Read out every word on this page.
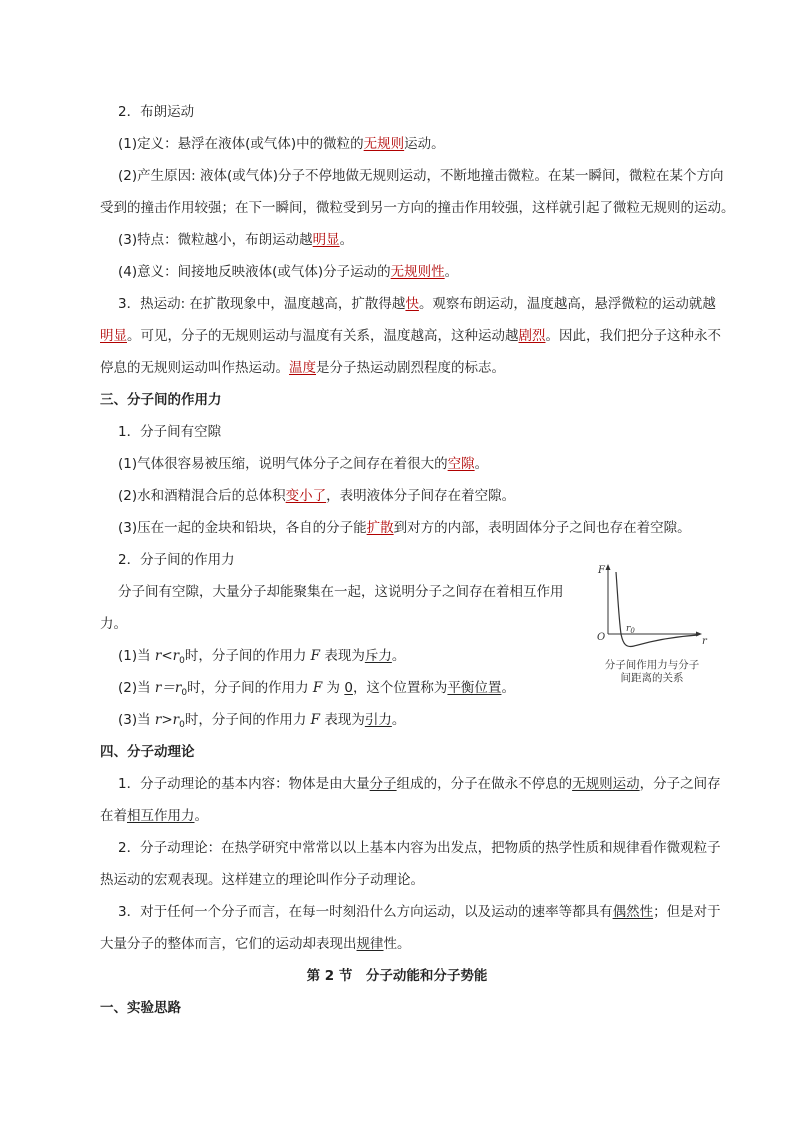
2．布朗运动
(1)定义：悬浮在液体(或气体)中的微粒的无规则运动。
(2)产生原因: 液体(或气体)分子不停地做无规则运动，不断地撞击微粒。在某一瞬间，微粒在某个方向
受到的撞击作用较强；在下一瞬间，微粒受到另一方向的撞击作用较强，这样就引起了微粒无规则的运动。
(3)特点：微粒越小，布朗运动越明显。
(4)意义：间接地反映液体(或气体)分子运动的无规则性。
3．热运动: 在扩散现象中，温度越高，扩散得越快。观察布朗运动，温度越高，悬浮微粒的运动就越
明显。可见，分子的无规则运动与温度有关系，温度越高，这种运动越剧烈。因此，我们把分子这种永不
停息的无规则运动叫作热运动。温度是分子热运动剧烈程度的标志。
三、分子间的作用力
1．分子间有空隙
(1)气体很容易被压缩，说明气体分子之间存在着很大的空隙。
(2)水和酒精混合后的总体积变小了，表明液体分子间存在着空隙。
(3)压在一起的金块和铅块，各自的分子能扩散到对方的内部，表明固体分子之间也存在着空隙。
2．分子间的作用力
分子间有空隙，大量分子却能聚集在一起，这说明分子之间存在着相互作用
力。
(1)当 $r<r_0$时，分子间的作用力 F 表现为斥力。
(2)当 $r=r_0$时，分子间的作用力 F 为 0，这个位置称为平衡位置。
(3)当 $r>r_0$时，分子间的作用力 F 表现为引力。
F
r
O
$r_0$
分子间作用力与分子
间距离的关系
四、分子动理论
1．分子动理论的基本内容：物体是由大量分子组成的，分子在做永不停息的无规则运动，分子之间存
在着相互作用力。
2．分子动理论：在热学研究中常常以以上基本内容为出发点，把物质的热学性质和规律看作微观粒子
热运动的宏观表现。这样建立的理论叫作分子动理论。
3．对于任何一个分子而言，在每一时刻沿什么方向运动，以及运动的速率等都具有偶然性；但是对于
大量分子的整体而言，它们的运动却表现出规律性。
第 2 节　分子动能和分子势能
一、实验思路
